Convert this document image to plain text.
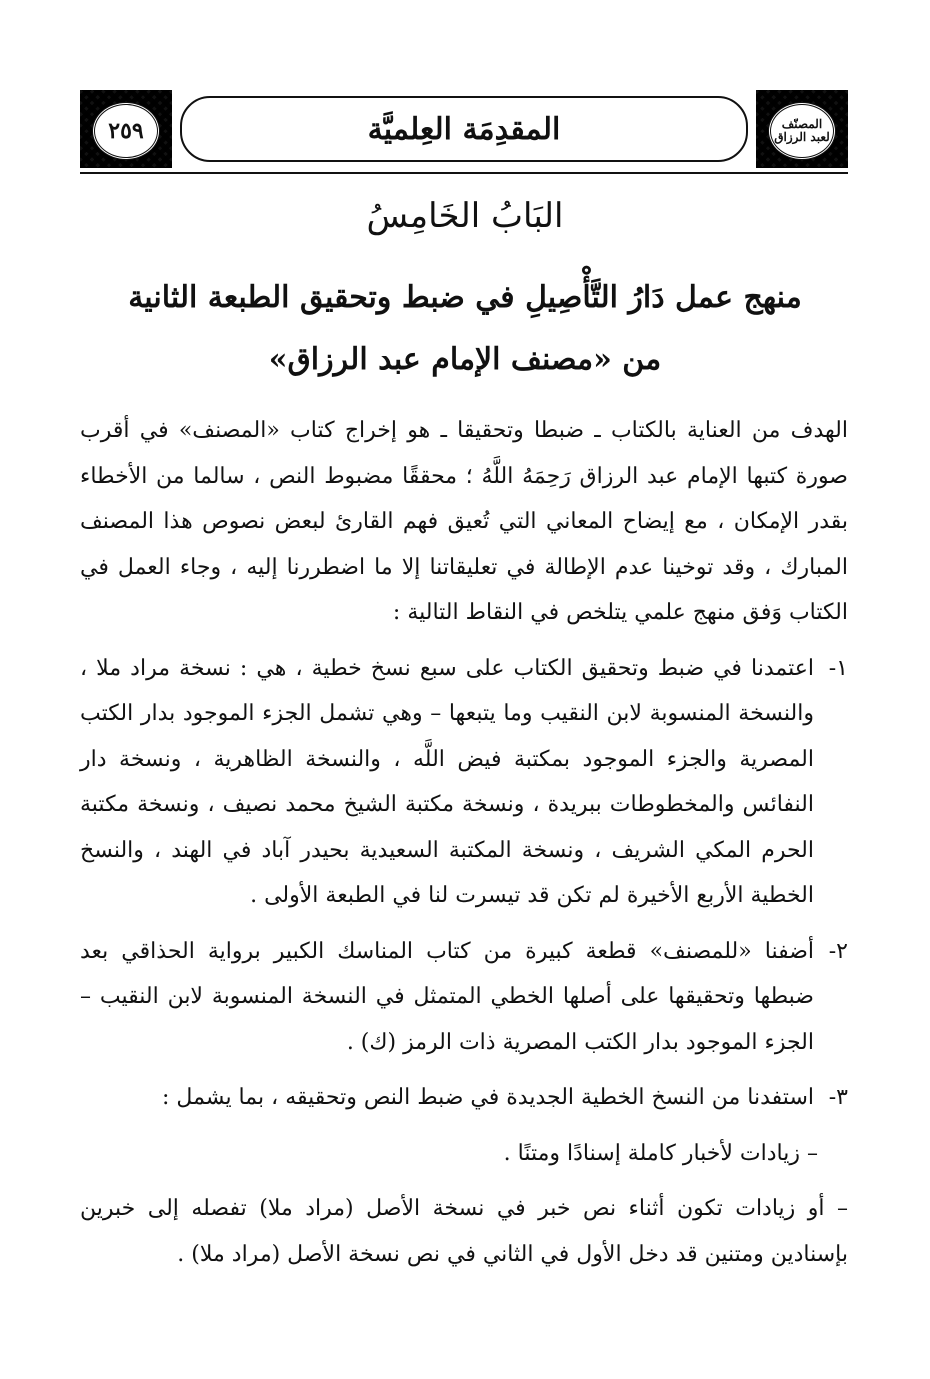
٢٥٩	المقدِمَة العِلميَّة	المصنّف
لعبد الرزاق
البَابُ الخَامِسُ
منهج عمل دَارُ التَّأْصِيلِ في ضبط وتحقيق الطبعة الثانية
من «مصنف الإمام عبد الرزاق»

الهدف من العناية بالكتاب ـ ضبطا وتحقيقا ـ هو إخراج كتاب «المصنف» في أقرب صورة كتبها الإمام عبد الرزاق رَحِمَهُ اللَّهُ ؛ محققًا مضبوط النص ، سالما من الأخطاء بقدر الإمكان ، مع إيضاح المعاني التي تُعيق فهم القارئ لبعض نصوص هذا المصنف المبارك ، وقد توخينا عدم الإطالة في تعليقاتنا إلا ما اضطررنا إليه ، وجاء العمل في الكتاب وَفق منهج علمي يتلخص في النقاط التالية :

١-
اعتمدنا في ضبط وتحقيق الكتاب على سبع نسخ خطية ، هي : نسخة مراد ملا ، والنسخة المنسوبة لابن النقيب وما يتبعها – وهي تشمل الجزء الموجود بدار الكتب المصرية والجزء الموجود بمكتبة فيض اللَّه ، والنسخة الظاهرية ، ونسخة دار النفائس والمخطوطات ببريدة ، ونسخة مكتبة الشيخ محمد نصيف ، ونسخة مكتبة الحرم المكي الشريف ، ونسخة المكتبة السعيدية بحيدر آباد في الهند ، والنسخ الخطية الأربع الأخيرة لم تكن قد تيسرت لنا في الطبعة الأولى .
٢-
أضفنا «للمصنف» قطعة كبيرة من كتاب المناسك الكبير برواية الحذاقي بعد ضبطها وتحقيقها على أصلها الخطي المتمثل في النسخة المنسوبة لابن النقيب – الجزء الموجود بدار الكتب المصرية ذات الرمز (ك) .
٣-
استفدنا من النسخ الخطية الجديدة في ضبط النص وتحقيقه ، بما يشمل :
– زيادات لأخبار كاملة إسنادًا ومتنًا .
– أو زيادات تكون أثناء نص خبر في نسخة الأصل (مراد ملا) تفصله إلى خبرين بإسنادين ومتنين قد دخل الأول في الثاني في نص نسخة الأصل (مراد ملا) .
